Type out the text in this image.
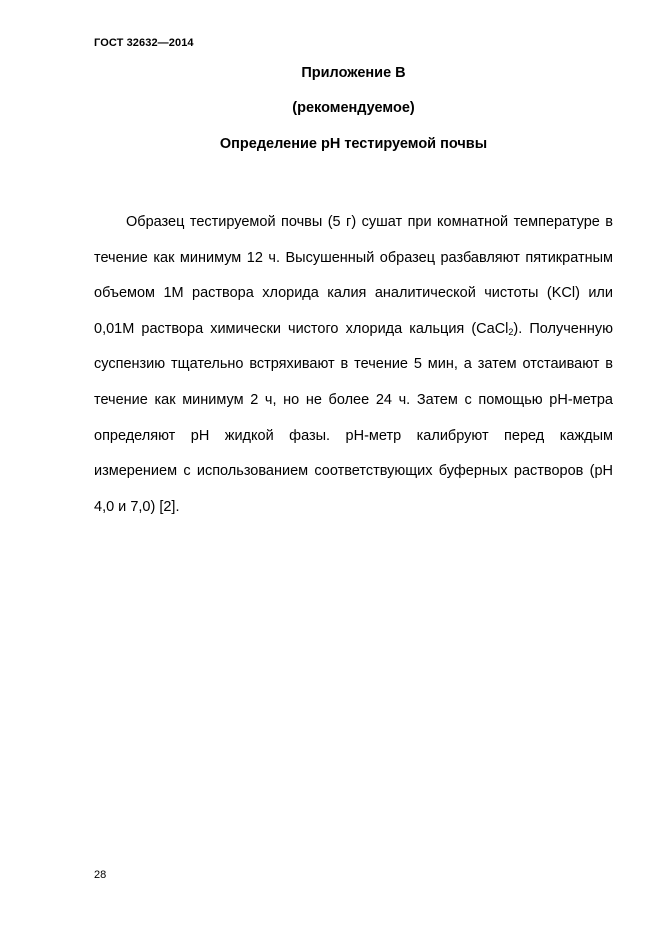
ГОСТ 32632—2014
Приложение В
(рекомендуемое)
Определение рН тестируемой почвы

Образец тестируемой почвы (5 г) сушат при комнатной температуре в течение как минимум 12 ч. Высушенный образец разбавляют пятикратным объемом 1М раствора хлорида калия аналитической чистоты (KCl) или 0,01М раствора химически чистого хлорида кальция (CaCl$_2$). Полученную суспензию тщательно встряхивают в течение 5 мин, а затем отстаивают в течение как минимум 2 ч, но не более 24 ч. Затем с помощью рН-метра определяют рН жидкой фазы. рН-метр калибруют перед каждым измерением с использованием соответствующих буферных растворов (рН 4,0 и 7,0) [2].

28
